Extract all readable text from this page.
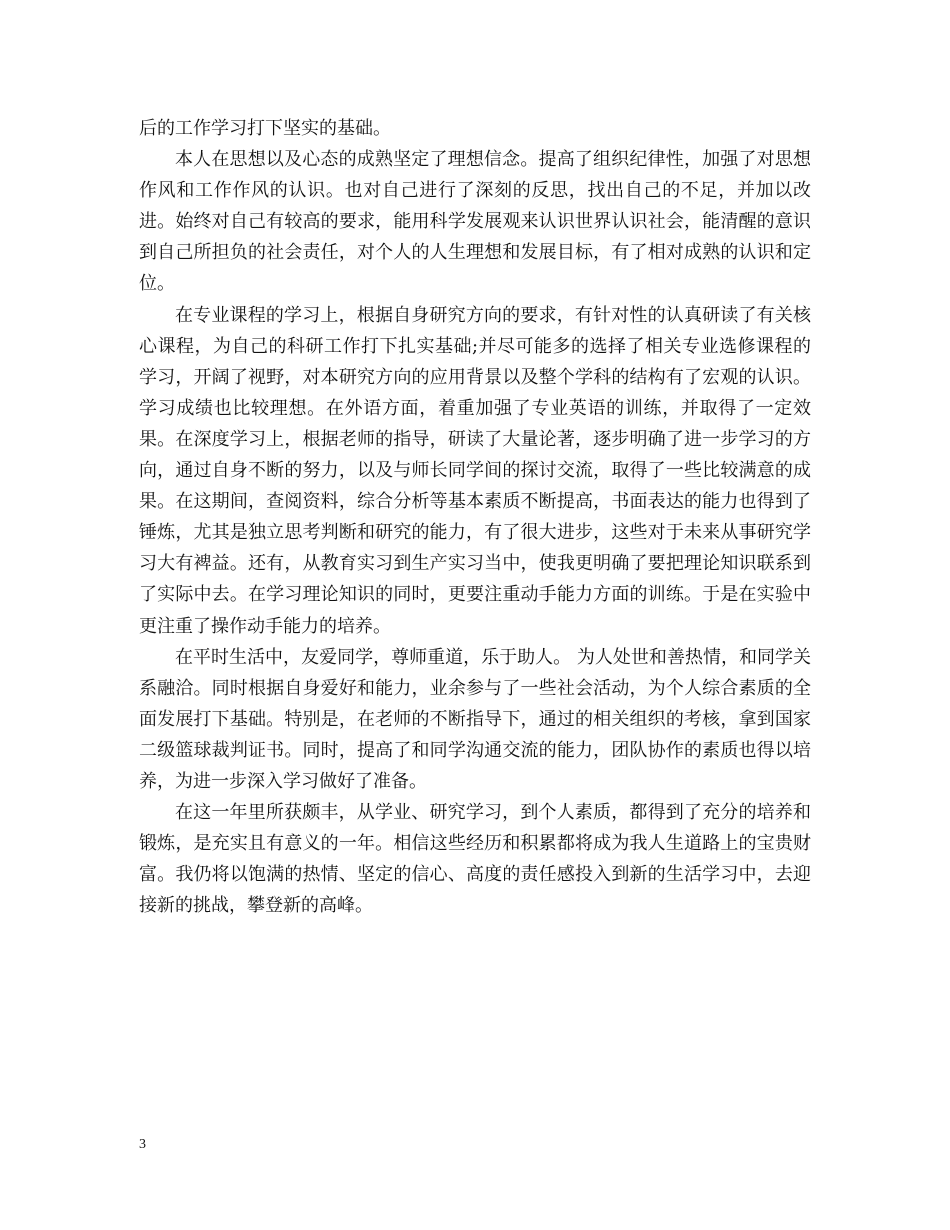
后的工作学习打下坚实的基础。

本人在思想以及心态的成熟坚定了理想信念。提高了组织纪律性，加强了对思想作风和工作作风的认识。也对自己进行了深刻的反思，找出自己的不足，并加以改进。始终对自己有较高的要求，能用科学发展观来认识世界认识社会，能清醒的意识到自己所担负的社会责任，对个人的人生理想和发展目标，有了相对成熟的认识和定位。

在专业课程的学习上，根据自身研究方向的要求，有针对性的认真研读了有关核心课程，为自己的科研工作打下扎实基础;并尽可能多的选择了相关专业选修课程的学习，开阔了视野，对本研究方向的应用背景以及整个学科的结构有了宏观的认识。学习成绩也比较理想。在外语方面，着重加强了专业英语的训练，并取得了一定效果。在深度学习上，根据老师的指导，研读了大量论著，逐步明确了进一步学习的方向，通过自身不断的努力，以及与师长同学间的探讨交流，取得了一些比较满意的成果。在这期间，查阅资料，综合分析等基本素质不断提高，书面表达的能力也得到了锤炼，尤其是独立思考判断和研究的能力，有了很大进步，这些对于未来从事研究学习大有裨益。还有，从教育实习到生产实习当中，使我更明确了要把理论知识联系到了实际中去。在学习理论知识的同时，更要注重动手能力方面的训练。于是在实验中更注重了操作动手能力的培养。

在平时生活中，友爱同学，尊师重道，乐于助人。 为人处世和善热情，和同学关系融洽。同时根据自身爱好和能力，业余参与了一些社会活动，为个人综合素质的全面发展打下基础。特别是，在老师的不断指导下，通过的相关组织的考核，拿到国家二级篮球裁判证书。同时，提高了和同学沟通交流的能力，团队协作的素质也得以培养，为进一步深入学习做好了准备。

在这一年里所获颇丰，从学业、研究学习，到个人素质，都得到了充分的培养和锻炼，是充实且有意义的一年。相信这些经历和积累都将成为我人生道路上的宝贵财富。我仍将以饱满的热情、坚定的信心、高度的责任感投入到新的生活学习中，去迎接新的挑战，攀登新的高峰。

3
